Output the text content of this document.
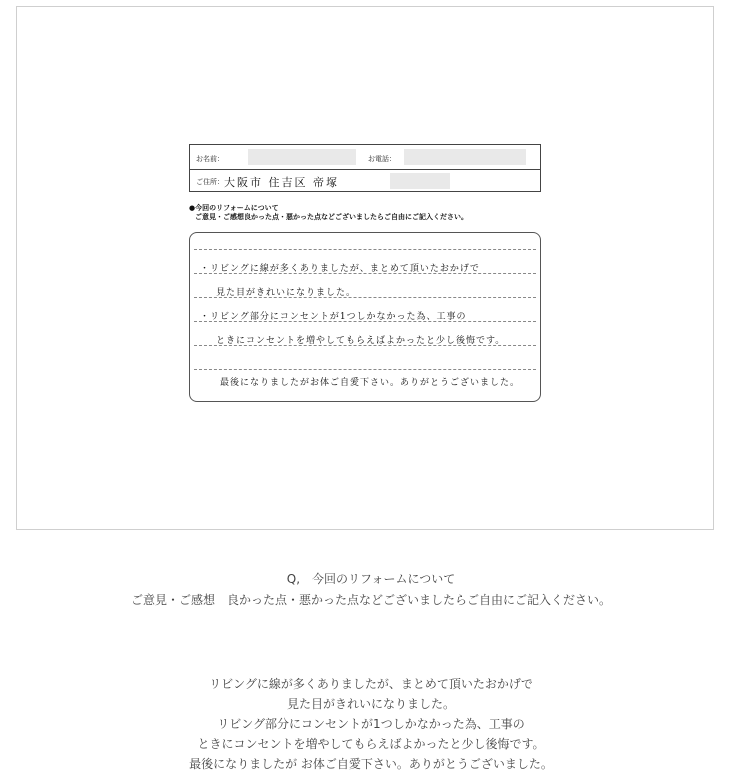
お名前：	お電話：
ご住所： 大阪市 住吉区 帝塚
●今回のリフォームについて
ご意見・ご感想良かった点・悪かった点などございましたらご自由にご記入ください。
・リビングに線が多くありましたが、まとめて頂いたおかげで
見た目がきれいになりました。
・リビング部分にコンセントが1つしかなかった為、工事の
ときにコンセントを増やしてもらえばよかったと少し後悔です。
最後になりましたがお体ご自愛下さい。ありがとうございました。
Q,　今回のリフォームについて
ご意見・ご感想　良かった点・悪かった点などございましたらご自由にご記入ください。
リビングに線が多くありましたが、まとめて頂いたおかげで
見た目がきれいになりました。
リビング部分にコンセントが1つしかなかった為、工事の
ときにコンセントを増やしてもらえばよかったと少し後悔です。
最後になりましたが お体ご自愛下さい。ありがとうございました。
